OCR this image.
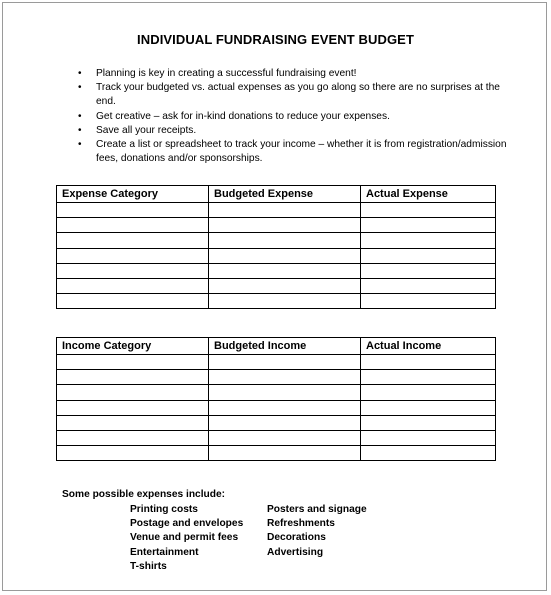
INDIVIDUAL FUNDRAISING EVENT BUDGET
• Planning is key in creating a successful fundraising event!
• Track your budgeted vs. actual expenses as you go along so there are no surprises at the end.
• Get creative – ask for in-kind donations to reduce your expenses.
• Save all your receipts.
• Create a list or spreadsheet to track your income – whether it is from registration/admission fees, donations and/or sponsorships.
Expense Category	Budgeted Expense	Actual Expense

Income Category	Budgeted Income	Actual Income

Some possible expenses include:
Printing costs
Postage and envelopes
Venue and permit fees
Entertainment
T-shirts
Posters and signage
Refreshments
Decorations
Advertising
